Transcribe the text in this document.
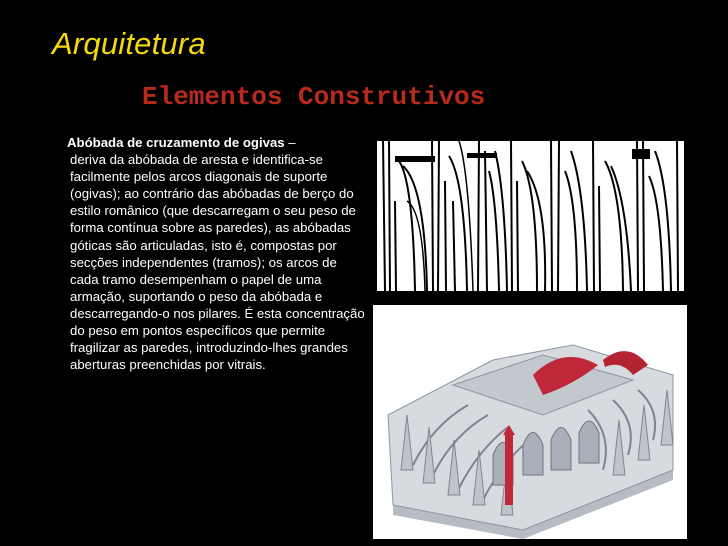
Arquitetura
Elementos Construtivos

Abóbada de cruzamento de ogivas –

deriva da abóbada de aresta e identifica-se facilmente pelos arcos diagonais de suporte (ogivas); ao contrário das abóbadas de berço do estilo românico (que descarregam o seu peso de forma contínua sobre as paredes), as abóbadas góticas são articuladas, isto é, compostas por secções independentes (tramos); os arcos de cada tramo desempenham o papel de uma armação, suportando o peso da abóbada e descarregando-o nos pilares. É esta concentração do peso em pontos específicos que permite fragilizar as paredes, introduzindo-lhes grandes aberturas preenchidas por vitrais.
